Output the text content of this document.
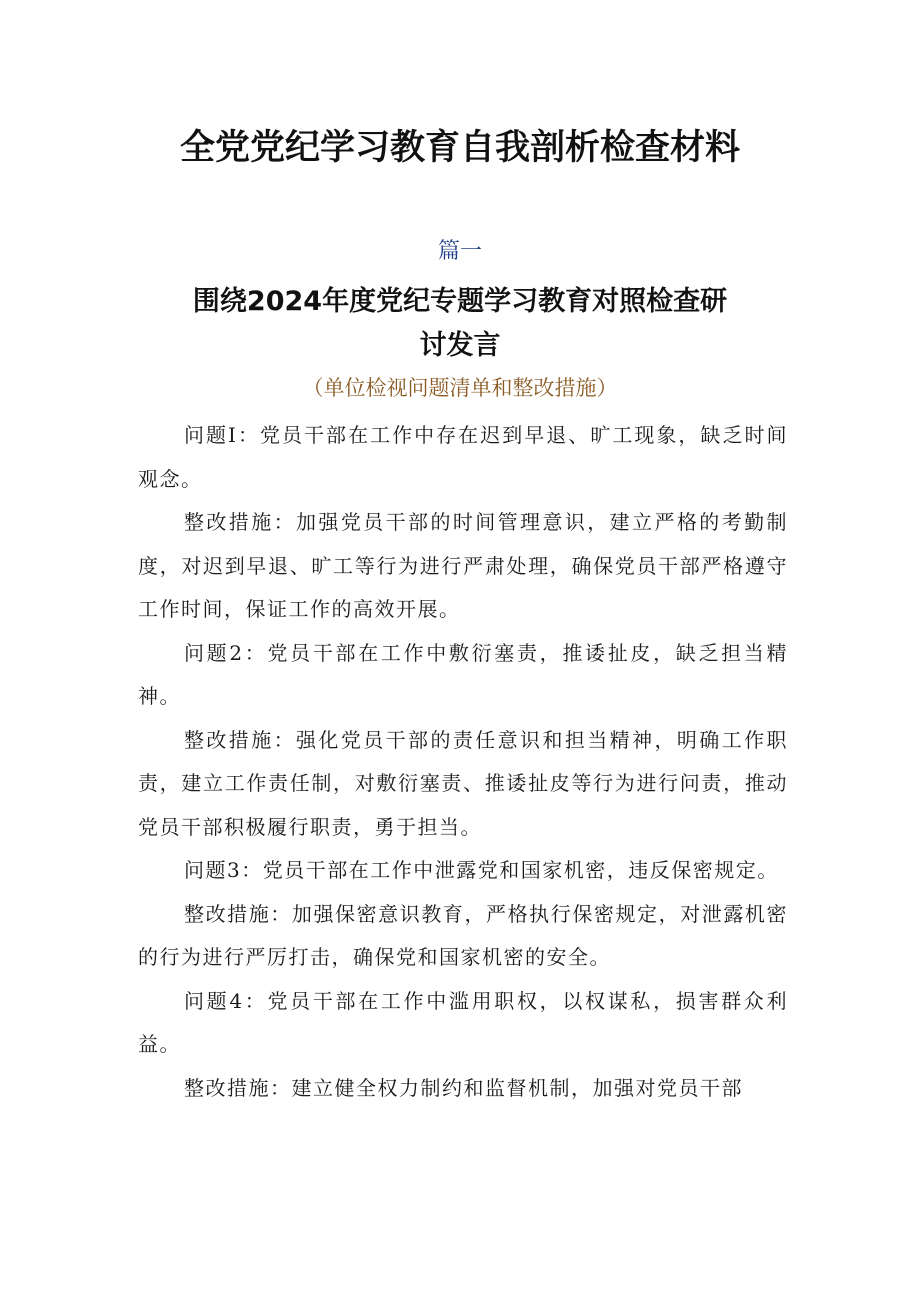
全党党纪学习教育自我剖析检查材料
篇一
围绕2024年度党纪专题学习教育对照检查研讨发言
（单位检视问题清单和整改措施）

问题Ⅰ：党员干部在工作中存在迟到早退、旷工现象，缺乏时间观念。

整改措施：加强党员干部的时间管理意识，建立严格的考勤制度，对迟到早退、旷工等行为进行严肃处理，确保党员干部严格遵守工作时间，保证工作的高效开展。

问题2：党员干部在工作中敷衍塞责，推诿扯皮，缺乏担当精神。

整改措施：强化党员干部的责任意识和担当精神，明确工作职责，建立工作责任制，对敷衍塞责、推诿扯皮等行为进行问责，推动党员干部积极履行职责，勇于担当。

问题3：党员干部在工作中泄露党和国家机密，违反保密规定。

整改措施：加强保密意识教育，严格执行保密规定，对泄露机密的行为进行严厉打击，确保党和国家机密的安全。

问题4：党员干部在工作中滥用职权，以权谋私，损害群众利益。

整改措施：建立健全权力制约和监督机制，加强对党员干部
